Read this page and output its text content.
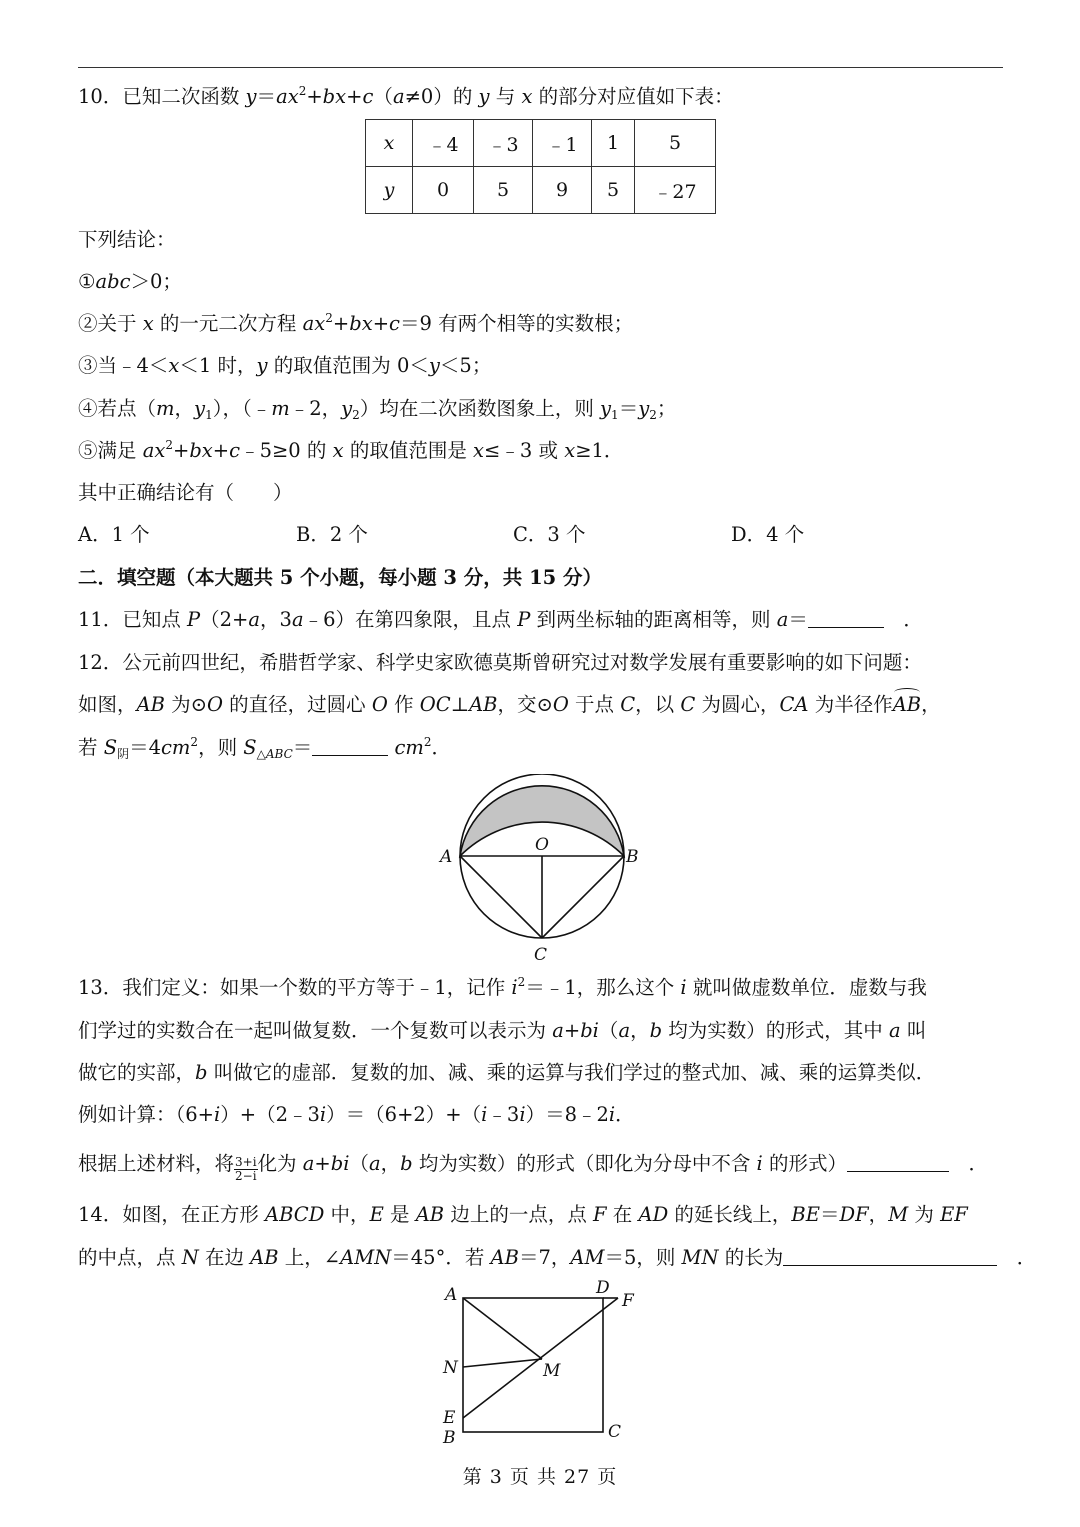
10．已知二次函数 $y=ax^2+bx+c(a\ne 0)$的 y 与 x 的部分对应值如下表：
x	﹣4	﹣3	﹣1	1	5
y	0	5	9	5	﹣27
下列结论：
①abc＞0；
②关于 x 的一元二次方程 $ax^2+bx+c=9$ 有两个相等的实数根；
③当﹣4＜x＜1 时，y 的取值范围为 0＜y＜5；
④若点（m，$y_1$），（﹣m﹣2，$y_2$）均在二次函数图象上，则 $y_1=y_2$；
⑤满足 $ax^2+bx+c﹣5\ge 0$ 的 x 的取值范围是 x≤﹣3 或 x≥1．
其中正确结论有（　　）
A．1 个	B．2 个	C．3 个	D．4 个
二．填空题（本大题共 5 个小题，每小题 3 分，共 15 分）
11．已知点 P（2+a，3a﹣6）在第四象限，且点 P 到两坐标轴的距离相等，则 a＝	　．
12．公元前四世纪，希腊哲学家、科学史家欧德莫斯曾研究过对数学发展有重要影响的如下问题：
如图，AB 为⊙O 的直径，过圆心 O 作 OC⊥AB，交⊙O 于点 C，以 C 为圆心，CA 为半径作AB，
若 $S_阴=4cm^2$，则 $S_{\triangle ABC}=$	$cm^2$．
A	B
O
C
13．我们定义：如果一个数的平方等于﹣1，记作 $i^2=﹣1$，那么这个 i 就叫做虚数单位．虚数与我
们学过的实数合在一起叫做复数．一个复数可以表示为 a+bi（a，b 均为实数）的形式，其中 a 叫
做它的实部，b 叫做它的虚部．复数的加、减、乘的运算与我们学过的整式加、减、乘的运算类似．
例如计算：（6+i）+（2﹣3i）＝（6+2）+（i﹣3i）＝8﹣2i．
根据上述材料，将 $\frac{3+i}{2-i}$ 化为 a+bi（a，b 均为实数）的形式（即化为分母中不含 i 的形式）	　．
14．如图，在正方形 ABCD 中，E 是 AB 边上的一点，点 F 在 AD 的延长线上，BE＝DF，M 为 EF
的中点，点 N 在边 AB 上，∠AMN＝45°．若 AB＝7，AM＝5，则 MN 的长为	　．
A	D
F
M
N
E
B	C
第 3 页 共 27 页
